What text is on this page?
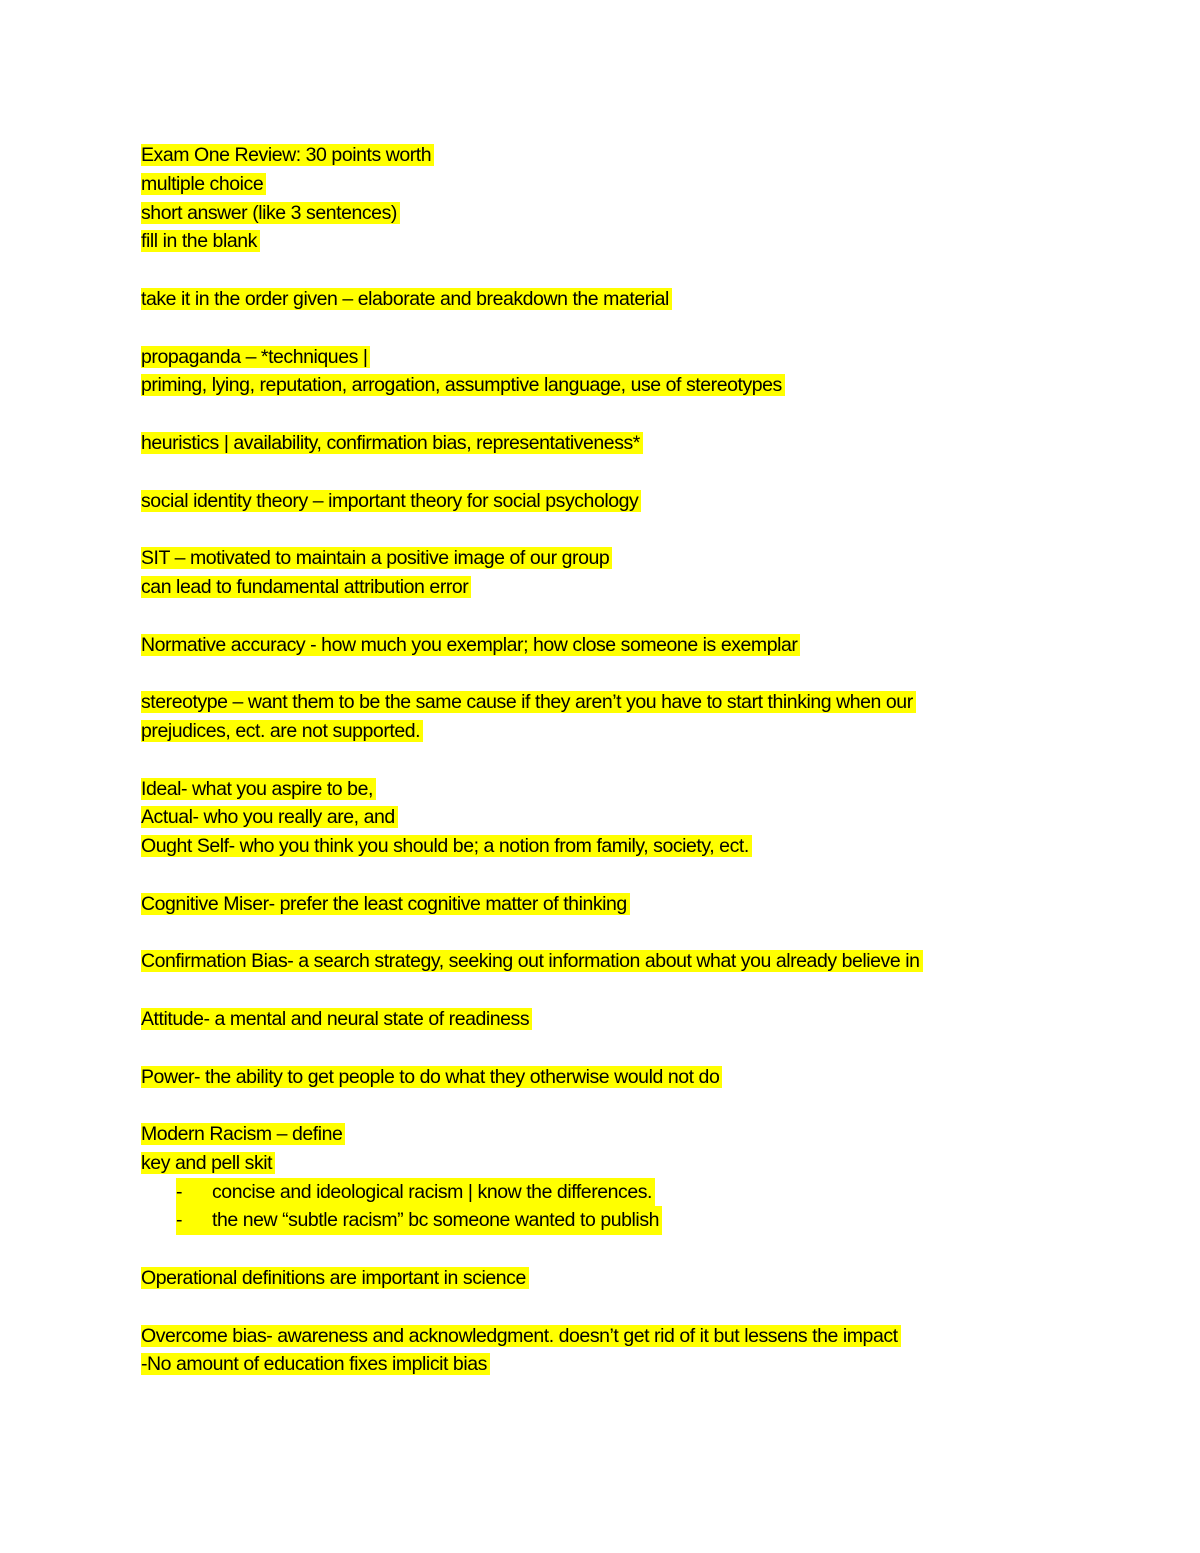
Exam One Review: 30 points worth
multiple choice
short answer (like 3 sentences)
fill in the blank
take it in the order given – elaborate and breakdown the material
propaganda – *techniques |
priming, lying, reputation, arrogation, assumptive language, use of stereotypes
heuristics | availability, confirmation bias, representativeness*
social identity theory – important theory for social psychology
SIT – motivated to maintain a positive image of our group
can lead to fundamental attribution error
Normative accuracy - how much you exemplar; how close someone is exemplar
stereotype – want them to be the same cause if they aren’t you have to start thinking when our
prejudices, ect. are not supported.
Ideal- what you aspire to be,
Actual- who you really are, and
Ought Self- who you think you should be; a notion from family, society, ect.
Cognitive Miser- prefer the least cognitive matter of thinking
Confirmation Bias- a search strategy, seeking out information about what you already believe in
Attitude- a mental and neural state of readiness
Power- the ability to get people to do what they otherwise would not do
Modern Racism – define
key and pell skit
- concise and ideological racism | know the differences.
- the new “subtle racism” bc someone wanted to publish
Operational definitions are important in science
Overcome bias- awareness and acknowledgment. doesn’t get rid of it but lessens the impact
-No amount of education fixes implicit bias
